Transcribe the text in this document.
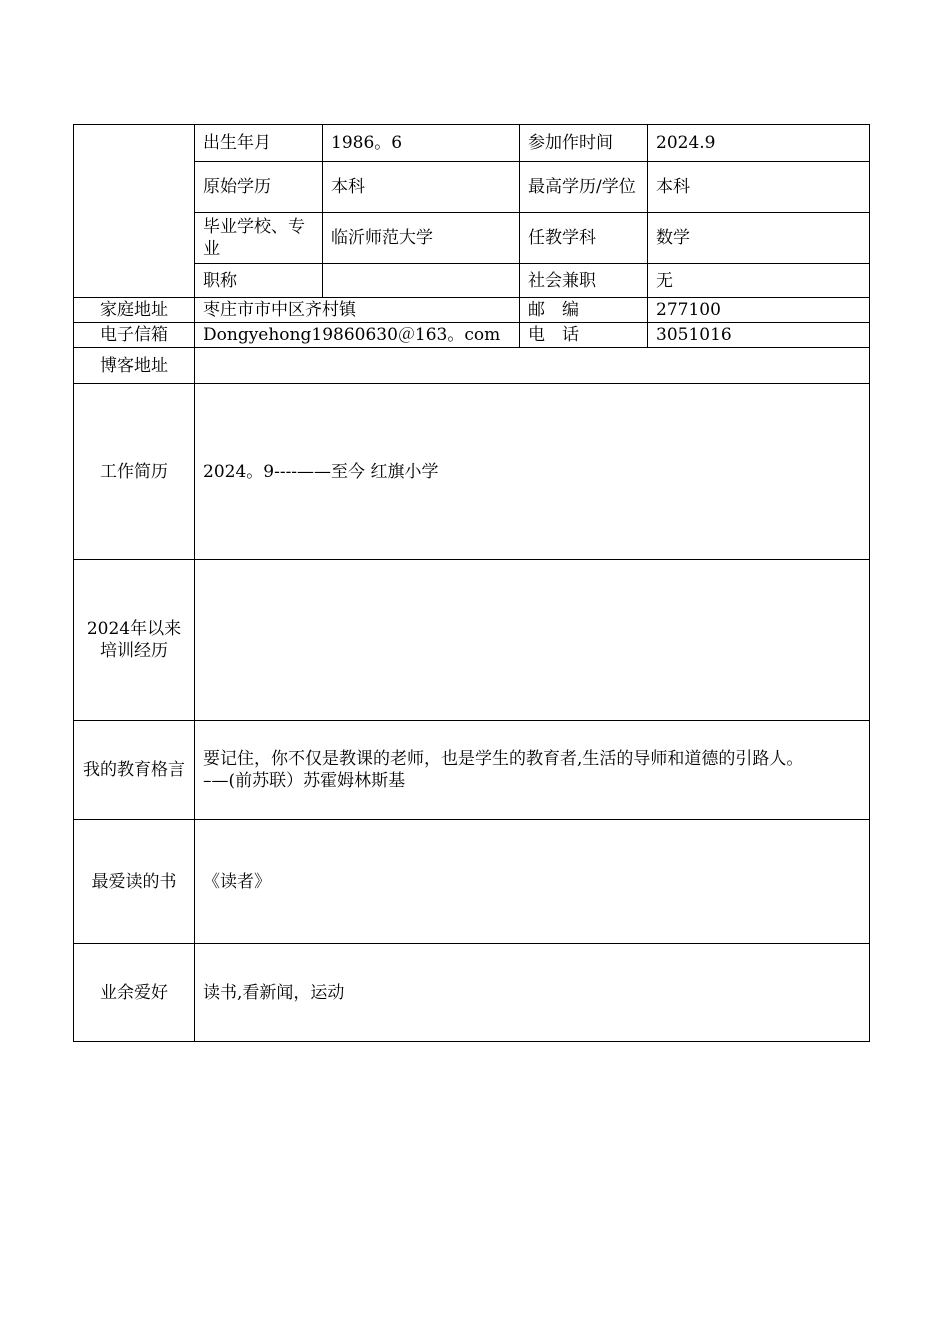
	出生年月	1986。6	参加作时间	2024.9
	原始学历	本科	最高学历/学位	本科
	毕业学校、专业	临沂师范大学	任教学科	数学
	职称		社会兼职	无
家庭地址	枣庄市市中区齐村镇		邮　编	277100
电子信箱	Dongyehong19860630＠163。com		电　话	3051016
博客地址				
工作简历	2024。9----——至今 红旗小学			
2024年以来培训经历				
我的教育格言	要记住，你不仅是教课的老师，也是学生的教育者,生活的导师和道德的引路人。
–—(前苏联）苏霍姆林斯基			

最爱读的书	《读者》			
业余爱好	读书,看新闻，运动			
